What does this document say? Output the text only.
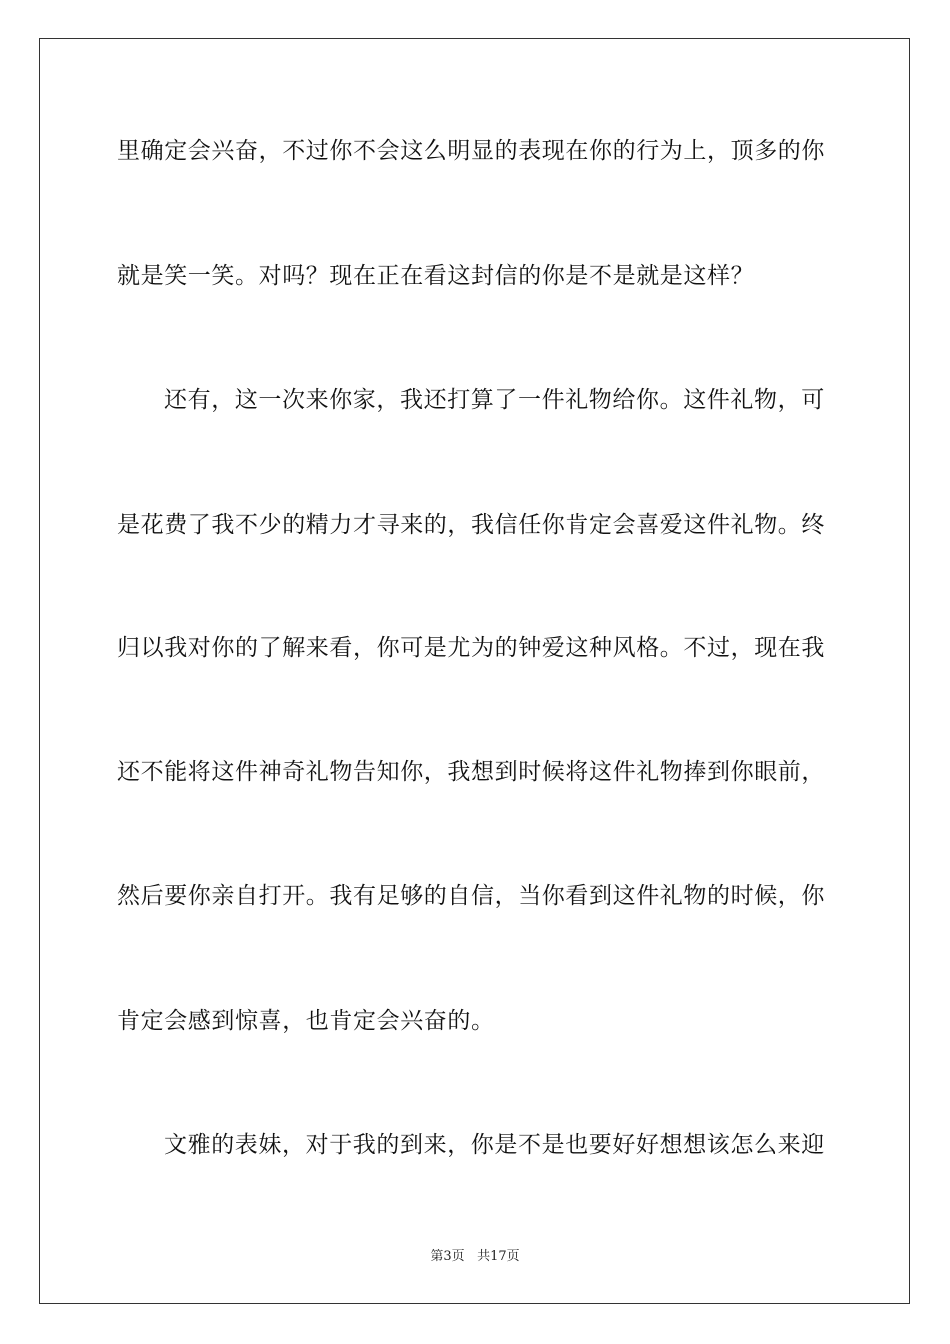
里确定会兴奋，不过你不会这么明显的表现在你的行为上，顶多的你
就是笑一笑。对吗？现在正在看这封信的你是不是就是这样？
还有，这一次来你家，我还打算了一件礼物给你。这件礼物，可
是花费了我不少的精力才寻来的，我信任你肯定会喜爱这件礼物。终
归以我对你的了解来看，你可是尤为的钟爱这种风格。不过，现在我
还不能将这件神奇礼物告知你，我想到时候将这件礼物捧到你眼前，
然后要你亲自打开。我有足够的自信，当你看到这件礼物的时候，你
肯定会感到惊喜，也肯定会兴奋的。
文雅的表妹，对于我的到来，你是不是也要好好想想该怎么来迎
第3页 共17页
